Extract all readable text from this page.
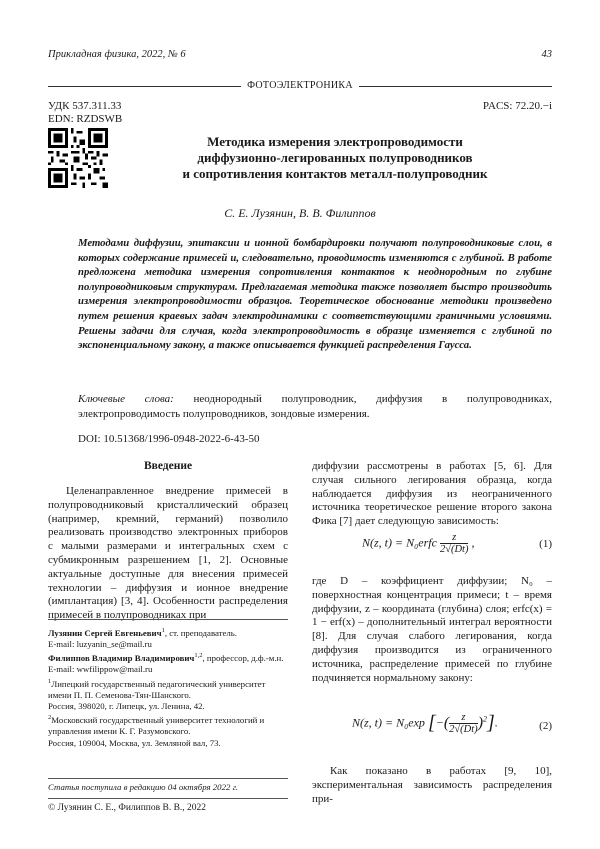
Прикладная физика, 2022, № 6	43
ФОТОЭЛЕКТРОНИКА
УДК 537.311.33
EDN: RZDSWB
PACS: 72.20.−i
Методика измерения электропроводимости
диффузионно-легированных полупроводников
и сопротивления контактов металл-полупроводник
С. Е. Лузянин, В. В. Филиппов
Методами диффузии, эпитаксии и ионной бомбардировки получают полупроводниковые слои, в которых содержание примесей и, следовательно, проводимость изменяются с глубиной. В работе предложена методика измерения сопротивления контактов к неоднородным по глубине полупроводниковым структурам. Предлагаемая методика также позволяет быстро производить измерения электропроводимости образцов. Теоретическое обоснование методики произведено путем решения краевых задач электродинамики с соответствующими граничными условиями. Решены задачи для случая, когда электропроводимость в образце изменяется с глубиной по экспоненциальному закону, а также описывается функцией распределения Гаусса.
Ключевые слова: неоднородный полупроводник, диффузия в полупроводниках, электропроводимость полупроводников, зондовые измерения.
DOI: 10.51368/1996-0948-2022-6-43-50
Введение
Целенаправленное внедрение примесей в полупроводниковый кристаллический образец (например, кремний, германий) позволило реализовать производство электронных приборов с малыми размерами и интегральных схем с субмикронным разрешением [1, 2]. Основные актуальные доступные для внесения примесей технологии – диффузия и ионное внедрение (имплантация) [3, 4]. Особенности распределения примесей в полупроводниках при
Лузянин Сергей Евгеньевич$^1$, ст. преподаватель.
E-mail: luzyanin_se@mail.ru
Филиппов Владимир Владимирович$^{1,2}$, профессор, д.ф.-м.н.
E-mail: wwfilippow@mail.ru
$^1$Липецкий государственный педагогический университет имени П. П. Семенова-Тян-Шанского.
Россия, 398020, г. Липецк, ул. Ленина, 42.
$^2$Московский государственный университет технологий и управления имени К. Г. Разумовского.
Россия, 109004, Москва, ул. Земляной вал, 73.
Статья поступила в редакцию 04 октября 2022 г.
© Лузянин С. Е., Филиппов В. В., 2022
диффузии рассмотрены в работах [5, 6]. Для случая сильного легирования образца, когда наблюдается диффузия из неограниченного источника теоретическое решение второго закона Фика [7] дает следующую зависимость:
N(z, t) = N₀erfc $\frac{z}{2√(Dt)}$ ,	(1)
где D – коэффициент диффузии; N₀ – поверхностная концентрация примеси; t – время диффузии, z – координата (глубина) слоя; erfc(x) = 1 − erf(x) – дополнительный интеграл вероятности [8]. Для случая слабого легирования, когда диффузия производится из ограниченного источника, распределение примесей по глубине подчиняется нормальному закону:
N(z, t) = N₀exp [−( $\frac{z}{2√(Dt)} )^2$].	(2)
Как показано в работах [9, 10], экспериментальная зависимость распределения при-
